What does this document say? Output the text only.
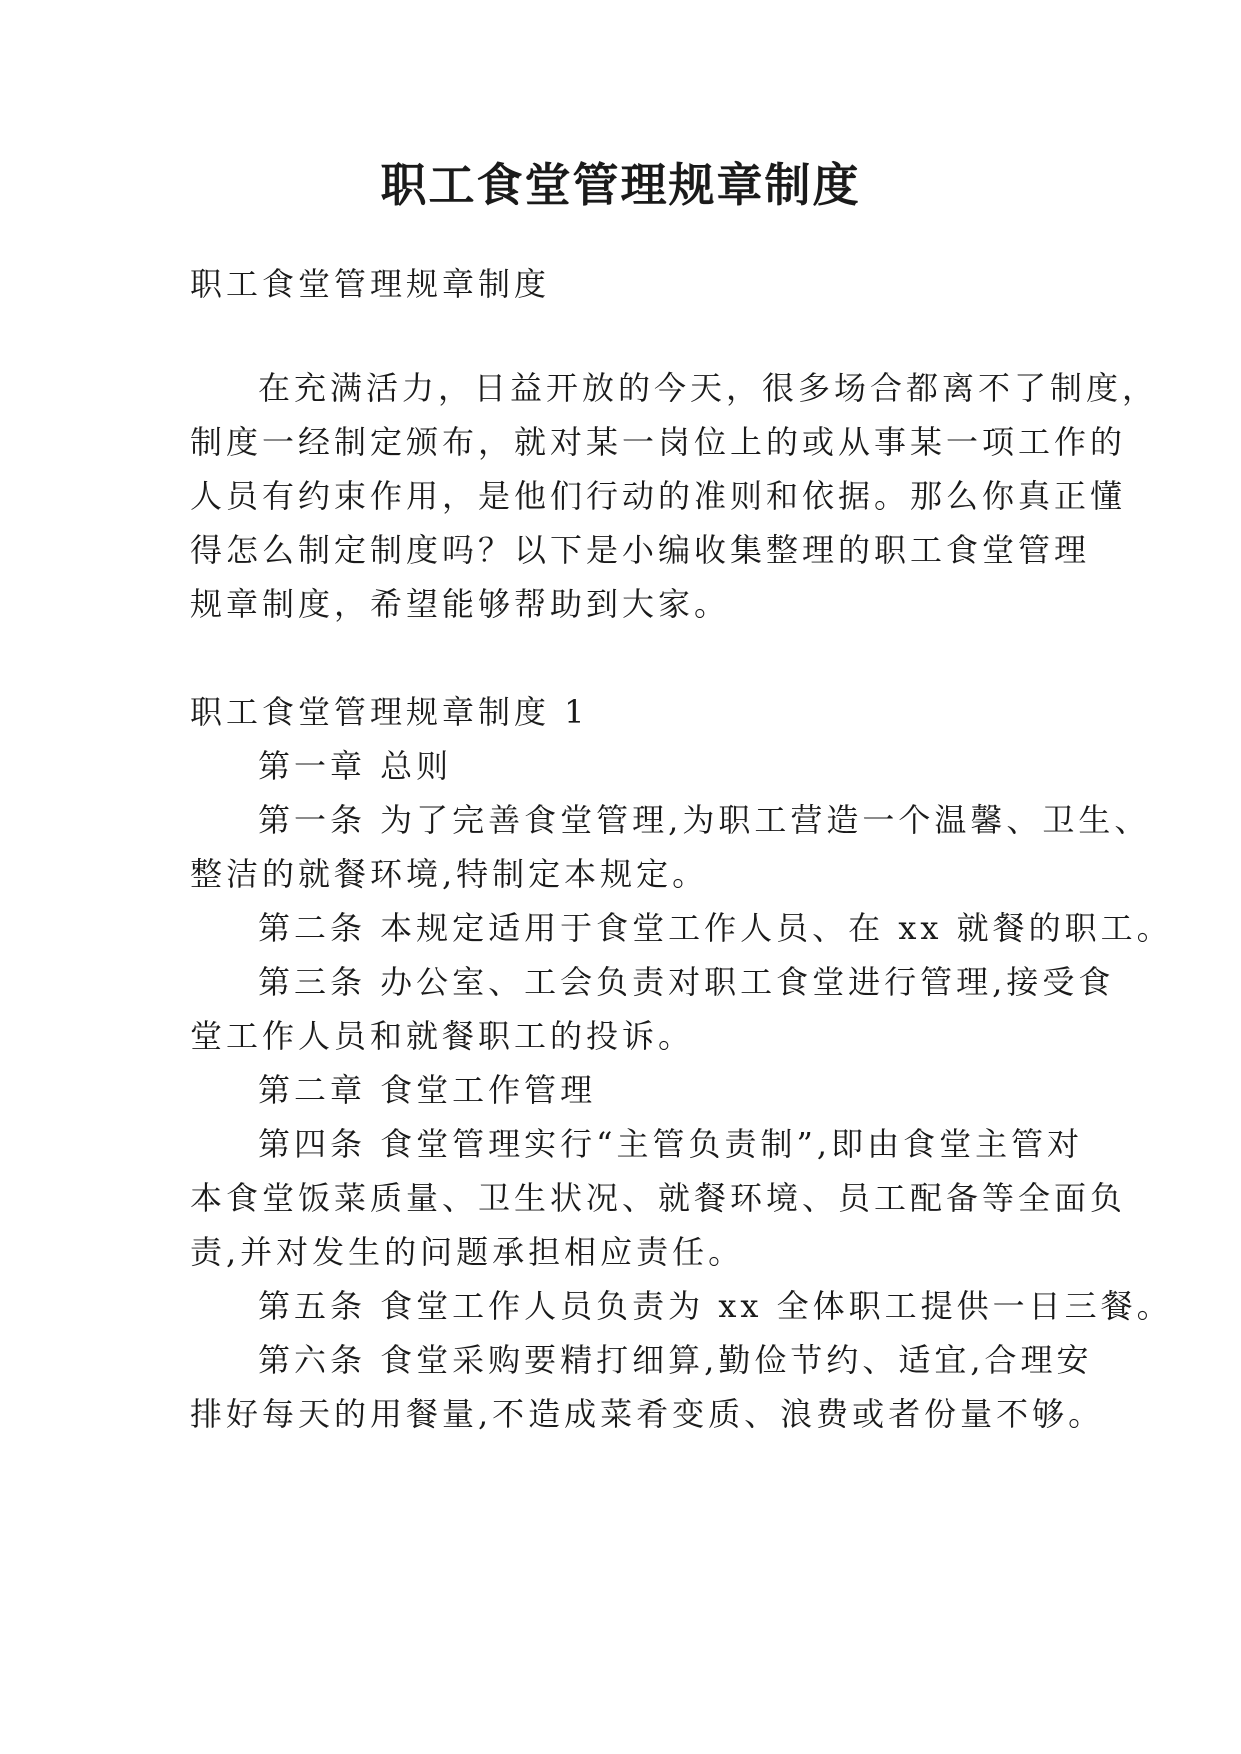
职工食堂管理规章制度
职工食堂管理规章制度
在充满活力，日益开放的今天，很多场合都离不了制度，
制度一经制定颁布，就对某一岗位上的或从事某一项工作的
人员有约束作用，是他们行动的准则和依据。那么你真正懂
得怎么制定制度吗？以下是小编收集整理的职工食堂管理
规章制度，希望能够帮助到大家。
职工食堂管理规章制度 1
第一章 总则
第一条 为了完善食堂管理,为职工营造一个温馨、卫生、
整洁的就餐环境,特制定本规定。
第二条 本规定适用于食堂工作人员、在 xx 就餐的职工。
第三条 办公室、工会负责对职工食堂进行管理,接受食
堂工作人员和就餐职工的投诉。
第二章 食堂工作管理
第四条 食堂管理实行“主管负责制”,即由食堂主管对
本食堂饭菜质量、卫生状况、就餐环境、员工配备等全面负
责,并对发生的问题承担相应责任。
第五条 食堂工作人员负责为 xx 全体职工提供一日三餐。
第六条 食堂采购要精打细算,勤俭节约、适宜,合理安
排好每天的用餐量,不造成菜肴变质、浪费或者份量不够。
